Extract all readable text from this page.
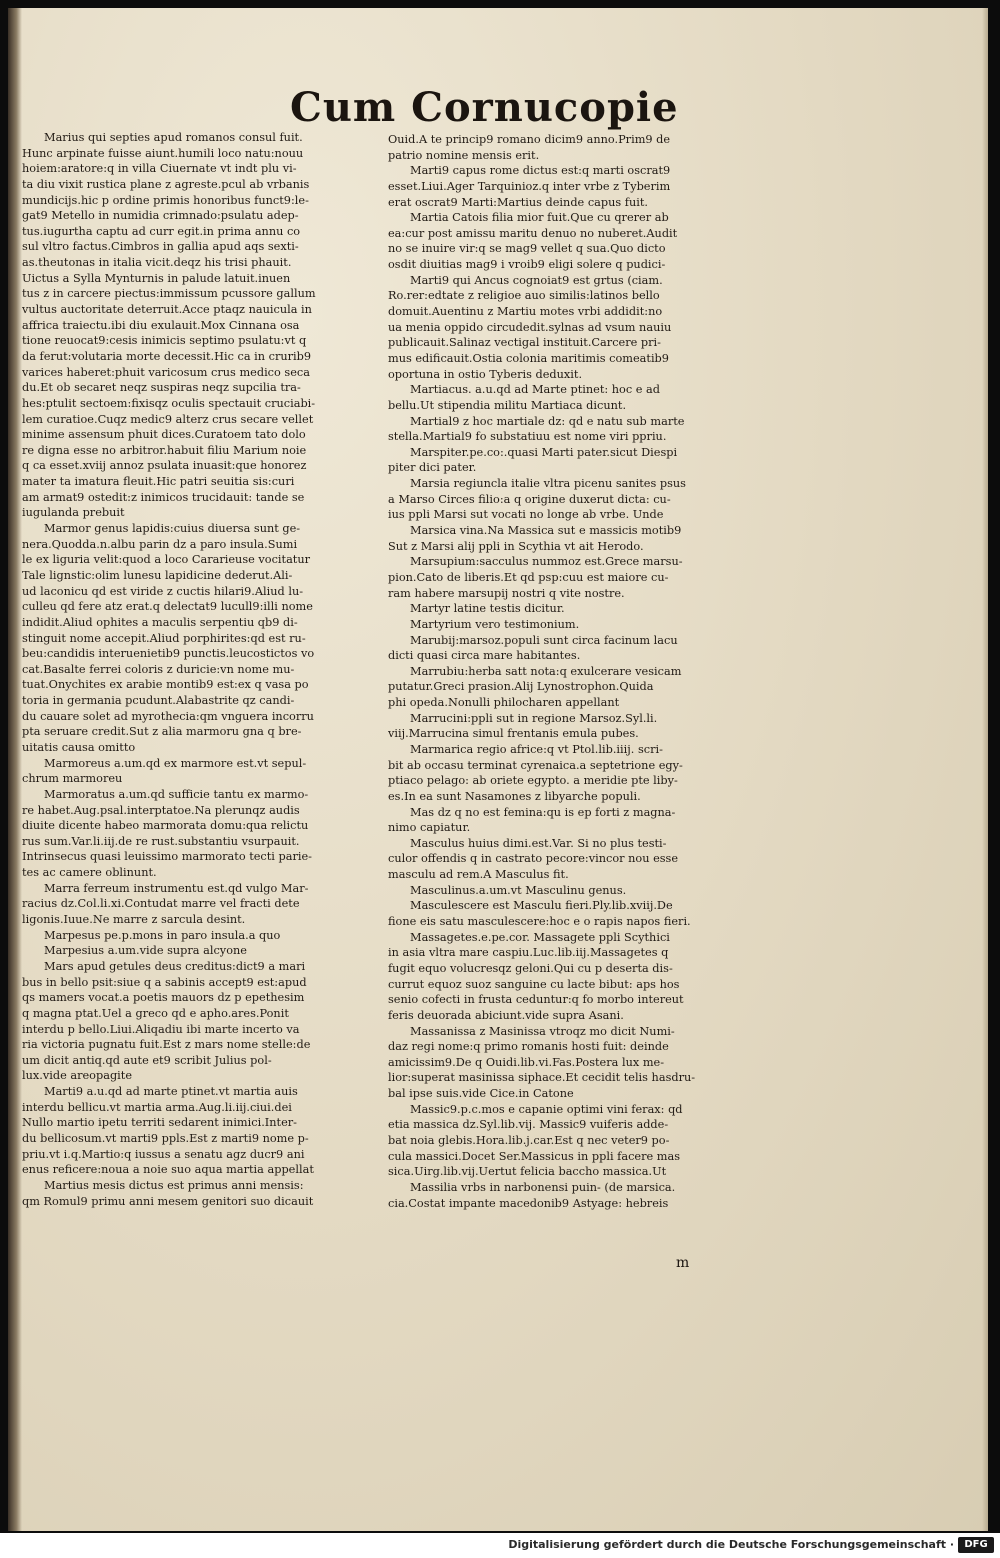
Cum Cornucopie
Marius qui septies apud romanos consul fuit.
Hunc arpinate fuisse aiunt.humili loco natu:nouu
hoiem:aratore:q in villa Ciuernate vt indt plu vi-
ta diu vixit rustica plane z agreste.pcul ab vrbanis
mundicijs.hic p ordine primis honoribus funct9:le-
gat9 Metello in numidia crimnado:psulatu adep-
tus.iugurtha captu ad curr egit.in prima annu co
sul vltro factus.Cimbros in gallia apud aqs sexti-
as.theutonas in italia vicit.deqz his trisi phauit.
Uictus a Sylla Mynturnis in palude latuit.inuen
tus z in carcere piectus:immissum pcussore gallum
vultus auctoritate deterruit.Acce ptaqz nauicula in
affrica traiectu.ibi diu exulauit.Mox Cinnana osa
tione reuocat9:cesis inimicis septimo psulatu:vt q
da ferut:volutaria morte decessit.Hic ca in crurib9
varices haberet:phuit varicosum crus medico seca
du.Et ob secaret neqz suspiras neqz supcilia tra-
hes:ptulit sectoem:fixisqz oculis spectauit cruciabi-
lem curatioe.Cuqz medic9 alterz crus secare vellet
minime assensum phuit dices.Curatoem tato dolo
re digna esse no arbitror.habuit filiu Marium noie
q ca esset.xviij annoz psulata inuasit:que honorez
mater ta imatura fleuit.Hic patri seuitia sis:curi
am armat9 ostedit:z inimicos trucidauit: tande se
iugulanda prebuit
Marmor genus lapidis:cuius diuersa sunt ge-
nera.Quodda.n.albu parin dz a paro insula.Sumi
le ex liguria velit:quod a loco Cararieuse vocitatur
Tale lignstic:olim lunesu lapidicine dederut.Ali-
ud laconicu qd est viride z cuctis hilari9.Aliud lu-
culleu qd fere atz erat.q delectat9 lucull9:illi nome
indidit.Aliud ophites a maculis serpentiu qb9 di-
stinguit nome accepit.Aliud porphirites:qd est ru-
beu:candidis interuenietib9 punctis.leucostictos vo
cat.Basalte ferrei coloris z duricie:vn nome mu-
tuat.Onychites ex arabie montib9 est:ex q vasa po
toria in germania pcudunt.Alabastrite qz candi-
du cauare solet ad myrothecia:qm vnguera incorru
pta seruare credit.Sut z alia marmoru gna q bre-
uitatis causa omitto
Marmoreus a.um.qd ex marmore est.vt sepul-
chrum marmoreu
Marmoratus a.um.qd sufficie tantu ex marmo-
re habet.Aug.psal.interptatoe.Na plerunqz audis
diuite dicente habeo marmorata domu:qua relictu
rus sum.Var.li.iij.de re rust.substantiu vsurpauit.
Intrinsecus quasi leuissimo marmorato tecti parie-
tes ac camere oblinunt.
Marra ferreum instrumentu est.qd vulgo Mar-
racius dz.Col.li.xi.Contudat marre vel fracti dete
ligonis.Iuue.Ne marre z sarcula desint.
Marpesus pe.p.mons in paro insula.a quo
Marpesius a.um.vide supra alcyone
Mars apud getules deus creditus:dict9 a mari
bus in bello psit:siue q a sabinis accept9 est:apud
qs mamers vocat.a poetis mauors dz p epethesim
q magna ptat.Uel a greco qd e apho.ares.Ponit
interdu p bello.Liui.Aliqadiu ibi marte incerto va
ria victoria pugnatu fuit.Est z mars nome stelle:de
um dicit antiq.qd aute et9 scribit Julius pol-
lux.vide areopagite
Marti9 a.u.qd ad marte ptinet.vt martia auis
interdu bellicu.vt martia arma.Aug.li.iij.ciui.dei
Nullo martio ipetu territi sedarent inimici.Inter-
du bellicosum.vt marti9 ppls.Est z marti9 nome p-
priu.vt i.q.Martio:q iussus a senatu agz ducr9 ani
enus reficere:noua a noie suo aqua martia appellat
Martius mesis dictus est primus anni mensis:
qm Romul9 primu anni mesem genitori suo dicauit
Ouid.A te princip9 romano dicim9 anno.Prim9 de
patrio nomine mensis erit.
Marti9 capus rome dictus est:q marti oscrat9
esset.Liui.Ager Tarquinioz.q inter vrbe z Tyberim
erat oscrat9 Marti:Martius deinde capus fuit.
Martia Catois filia mior fuit.Que cu qrerer ab
ea:cur post amissu maritu denuo no nuberet.Audit
no se inuire vir:q se mag9 vellet q sua.Quo dicto
osdit diuitias mag9 i vroib9 eligi solere q pudici-
Marti9 qui Ancus cognoiat9 est grtus (ciam.
Ro.rer:edtate z religioe auo similis:latinos bello
domuit.Auentinu z Martiu motes vrbi addidit:no
ua menia oppido circudedit.sylnas ad vsum nauiu
publicauit.Salinaz vectigal instituit.Carcere pri-
mus edificauit.Ostia colonia maritimis comeatib9
oportuna in ostio Tyberis deduxit.
Martiacus. a.u.qd ad Marte ptinet: hoc e ad
bellu.Ut stipendia militu Martiaca dicunt.
Martial9 z hoc martiale dz: qd e natu sub marte
stella.Martial9 fo substatiuu est nome viri ppriu.
Marspiter.pe.co:.quasi Marti pater.sicut Diespi
piter dici pater.
Marsia regiuncla italie vltra picenu sanites psus
a Marso Circes filio:a q origine duxerut dicta: cu-
ius ppli Marsi sut vocati no longe ab vrbe. Unde
Marsica vina.Na Massica sut e massicis motib9
Sut z Marsi alij ppli in Scythia vt ait Herodo.
Marsupium:sacculus nummoz est.Grece marsu-
pion.Cato de liberis.Et qd psp:cuu est maiore cu-
ram habere marsupij nostri q vite nostre.
Martyr latine testis dicitur.
Martyrium vero testimonium.
Marubij:marsoz.populi sunt circa facinum lacu
dicti quasi circa mare habitantes.
Marrubiu:herba satt nota:q exulcerare vesicam
putatur.Greci prasion.Alij Lynostrophon.Quida
phi opeda.Nonulli philocharen appellant
Marrucini:ppli sut in regione Marsoz.Syl.li.
viij.Marrucina simul frentanis emula pubes.
Marmarica regio africe:q vt Ptol.lib.iiij. scri-
bit ab occasu terminat cyrenaica.a septetrione egy-
ptiaco pelago: ab oriete egypto. a meridie pte liby-
es.In ea sunt Nasamones z libyarche populi.
Mas dz q no est femina:qu is ep forti z magna-
nimo capiatur.
Masculus huius dimi.est.Var. Si no plus testi-
culor offendis q in castrato pecore:vincor nou esse
masculu ad rem.A Masculus fit.
Masculinus.a.um.vt Masculinu genus.
Masculescere est Masculu fieri.Ply.lib.xviij.De
fione eis satu masculescere:hoc e o rapis napos fieri.
Massagetes.e.pe.cor. Massagete ppli Scythici
in asia vltra mare caspiu.Luc.lib.iij.Massagetes q
fugit equo volucresqz geloni.Qui cu p deserta dis-
currut equoz suoz sanguine cu lacte bibut: aps hos
senio cofecti in frusta ceduntur:q fo morbo intereut
feris deuorada abiciunt.vide supra Asani.
Massanissa z Masinissa vtroqz mo dicit Numi-
daz regi nome:q primo romanis hosti fuit: deinde
amicissim9.De q Ouidi.lib.vi.Fas.Postera lux me-
lior:superat masinissa siphace.Et cecidit telis hasdru-
bal ipse suis.vide Cice.in Catone
Massic9.p.c.mos e capanie optimi vini ferax: qd
etia massica dz.Syl.lib.vij. Massic9 vuiferis adde-
bat noia glebis.Hora.lib.j.car.Est q nec veter9 po-
cula massici.Docet Ser.Massicus in ppli facere mas
sica.Uirg.lib.vij.Uertut felicia baccho massica.Ut
Massilia vrbs in narbonensi puin- (de marsica.
cia.Costat impante macedonib9 Astyage: hebreis
m
Digitalisierung gefördert durch die Deutsche Forschungsgemeinschaft ·	DFG
